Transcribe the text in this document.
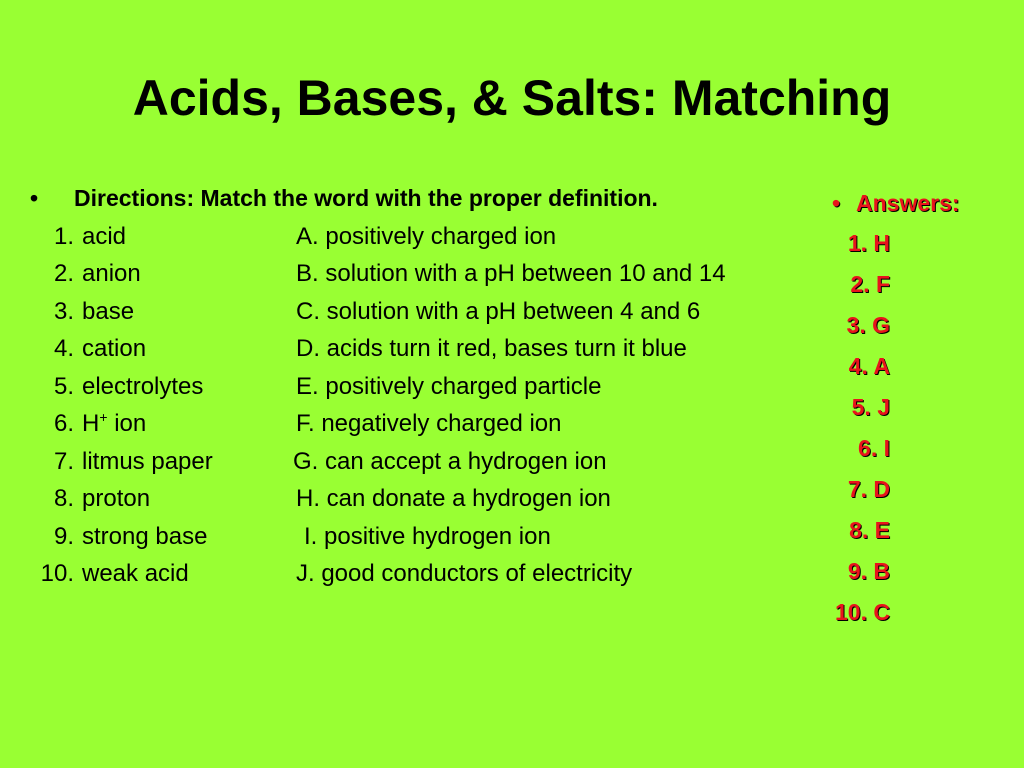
Acids, Bases, & Salts: Matching
• Directions: Match the word with the proper definition.
1. acid	A. positively charged ion
2. anion	B. solution with a pH between 10 and 14
3. base	C. solution with a pH between 4 and 6
4. cation	D. acids turn it red, bases turn it blue
5. electrolytes	E. positively charged particle
6. H+ ion	F. negatively charged ion
7. litmus paper	G. can accept a hydrogen ion
8. proton	H. can donate a hydrogen ion
9. strong base	I. positive hydrogen ion
10. weak acid	J. good conductors of electricity
• Answers:
1. H
2. F
3. G
4. A
5. J
6. I
7. D
8. E
9. B
10. C
